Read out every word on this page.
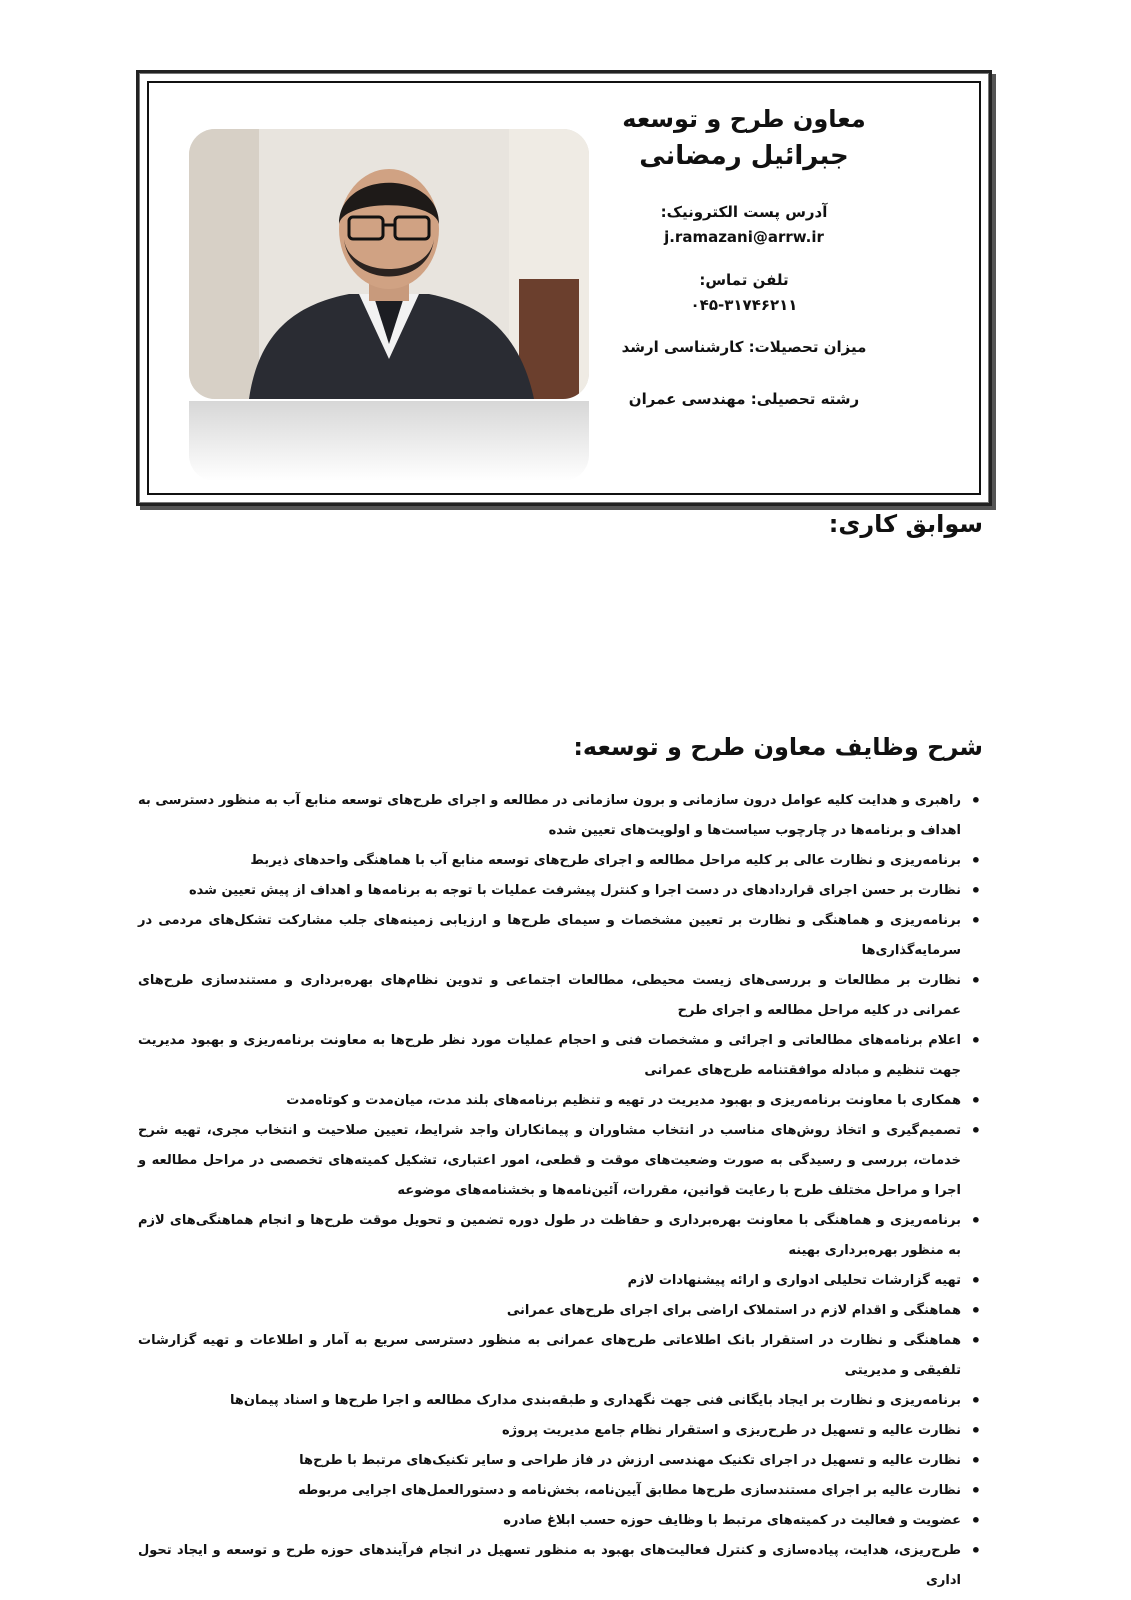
معاون طرح و توسعه

جبرائیل رمضانی

آدرس پست الکترونیک:

j.ramazani@arrw.ir

تلفن تماس:

۰۴۵-۳۱۷۴۶۲۱۱

میزان تحصیلات: کارشناسی ارشد

رشته تحصیلی: مهندسی عمران

سوابق کاری:
شرح وظایف معاون طرح و توسعه:
• راهبری و هدایت کلیه عوامل درون سازمانی و برون سازمانی در مطالعه و اجرای طرح‌های توسعه منابع آب به منظور دسترسی به اهداف و برنامه‌ها در چارچوب سیاست‌ها و اولویت‌های تعیین شده
• برنامه‌ریزی و نظارت عالی بر کلیه مراحل مطالعه و اجرای طرح‌های توسعه منابع آب با هماهنگی واحدهای ذیربط
• نظارت بر حسن اجرای قراردادهای در دست اجرا و کنترل پیشرفت عملیات با توجه به برنامه‌ها و اهداف از پیش تعیین شده
• برنامه‌ریزی و هماهنگی و نظارت بر تعیین مشخصات و سیمای طرح‌ها و ارزیابی زمینه‌های جلب مشارکت تشکل‌های مردمی در سرمایه‌گذاری‌ها
• نظارت بر مطالعات و بررسی‌های زیست محیطی، مطالعات اجتماعی و تدوین نظام‌های بهره‌برداری و مستندسازی طرح‌های عمرانی در کلیه مراحل مطالعه و اجرای طرح
• اعلام برنامه‌های مطالعاتی و اجرائی و مشخصات فنی و احجام عملیات مورد نظر طرح‌ها به معاونت برنامه‌ریزی و بهبود مدیریت جهت تنظیم و مبادله موافقتنامه طرح‌های عمرانی
• همکاری با معاونت برنامه‌ریزی و بهبود مدیریت در تهیه و تنظیم برنامه‌های بلند مدت، میان‌مدت و کوتاه‌مدت
• تصمیم‌گیری و اتخاذ روش‌های مناسب در انتخاب مشاوران و پیمانکاران واجد شرایط، تعیین صلاحیت و انتخاب مجری، تهیه شرح خدمات، بررسی و رسیدگی به صورت وضعیت‌های موقت و قطعی، امور اعتباری، تشکیل کمیته‌های تخصصی در مراحل مطالعه و اجرا و مراحل مختلف طرح با رعایت قوانین، مقررات، آئین‌نامه‌ها و بخشنامه‌های موضوعه
• برنامه‌ریزی و هماهنگی با معاونت بهره‌برداری و حفاظت در طول دوره تضمین و تحویل موقت طرح‌ها و انجام هماهنگی‌های لازم به منظور بهره‌برداری بهینه
• تهیه گزارشات تحلیلی ادواری و ارائه پیشنهادات لازم
• هماهنگی و اقدام لازم در استملاک اراضی برای اجرای طرح‌های عمرانی
• هماهنگی و نظارت در استقرار بانک اطلاعاتی طرح‌های عمرانی به منظور دسترسی سریع به آمار و اطلاعات و تهیه گزارشات تلفیقی و مدیریتی
• برنامه‌ریزی و نظارت بر ایجاد بایگانی فنی جهت نگهداری و طبقه‌بندی مدارک مطالعه و اجرا طرح‌ها و اسناد پیمان‌ها
• نظارت عالیه و تسهیل در طرح‌ریزی و استقرار نظام جامع مدیریت پروژه
• نظارت عالیه و تسهیل در اجرای تکنیک مهندسی ارزش در فاز طراحی و سایر تکنیک‌های مرتبط با طرح‌ها
• نظارت عالیه بر اجرای مستندسازی طرح‌ها مطابق آیین‌نامه، بخش‌نامه و دستورالعمل‌های اجرایی مربوطه
• عضویت و فعالیت در کمیته‌های مرتبط با وظایف حوزه حسب ابلاغ صادره
• طرح‌ریزی، هدایت، پیاده‌سازی و کنترل فعالیت‌های بهبود به منظور تسهیل در انجام فرآیندهای حوزه طرح و توسعه و ایجاد تحول اداری
